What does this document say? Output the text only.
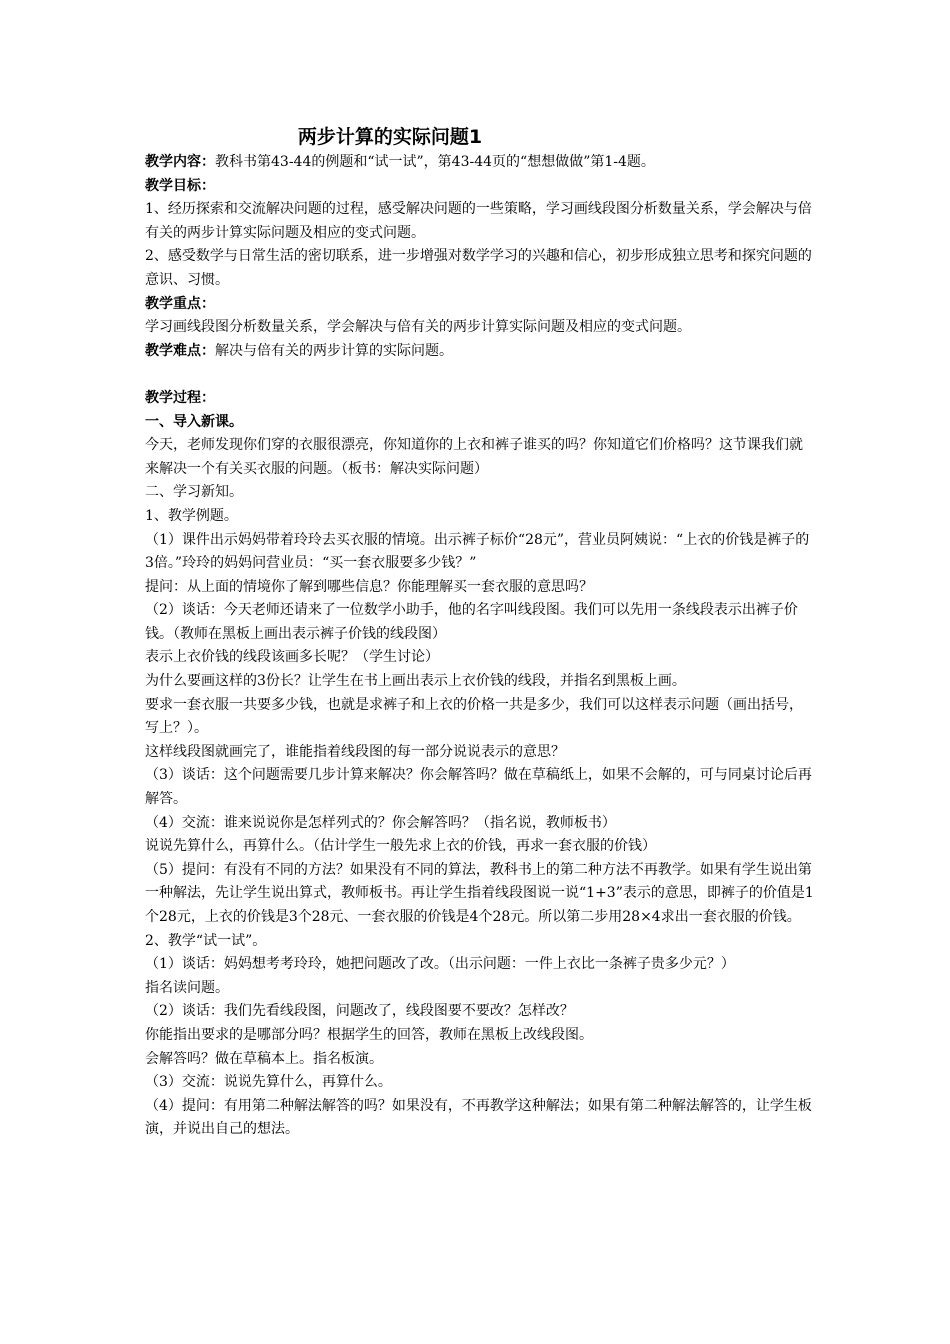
两步计算的实际问题1

教学内容：教科书第43-44的例题和“试一试”，第43-44页的“想想做做”第1-4题。

教学目标：

1、经历探索和交流解决问题的过程，感受解决问题的一些策略，学习画线段图分析数量关系，学会解决与倍有关的两步计算实际问题及相应的变式问题。

2、感受数学与日常生活的密切联系，进一步增强对数学学习的兴趣和信心，初步形成独立思考和探究问题的意识、习惯。

教学重点：

学习画线段图分析数量关系，学会解决与倍有关的两步计算实际问题及相应的变式问题。

教学难点：解决与倍有关的两步计算的实际问题。

教学过程：

一、导入新课。

今天，老师发现你们穿的衣服很漂亮，你知道你的上衣和裤子谁买的吗？你知道它们价格吗？这节课我们就来解决一个有关买衣服的问题。（板书：解决实际问题）

二、学习新知。

1、教学例题。

（1）课件出示妈妈带着玲玲去买衣服的情境。出示裤子标价“28元”，营业员阿姨说：“上衣的价钱是裤子的3倍。”玲玲的妈妈问营业员：“买一套衣服要多少钱？”

提问：从上面的情境你了解到哪些信息？你能理解买一套衣服的意思吗？

（2）谈话：今天老师还请来了一位数学小助手，他的名字叫线段图。我们可以先用一条线段表示出裤子价钱。（教师在黑板上画出表示裤子价钱的线段图）

表示上衣价钱的线段该画多长呢？（学生讨论）

为什么要画这样的3份长？让学生在书上画出表示上衣价钱的线段，并指名到黑板上画。

要求一套衣服一共要多少钱，也就是求裤子和上衣的价格一共是多少，我们可以这样表示问题（画出括号，写上？）。

这样线段图就画完了，谁能指着线段图的每一部分说说表示的意思？

（3）谈话：这个问题需要几步计算来解决？你会解答吗？做在草稿纸上，如果不会解的，可与同桌讨论后再解答。

（4）交流：谁来说说你是怎样列式的？你会解答吗？（指名说，教师板书）

说说先算什么，再算什么。（估计学生一般先求上衣的价钱，再求一套衣服的价钱）

（5）提问：有没有不同的方法？如果没有不同的算法，教科书上的第二种方法不再教学。如果有学生说出第一种解法，先让学生说出算式，教师板书。再让学生指着线段图说一说“1+3”表示的意思，即裤子的价值是1个28元，上衣的价钱是3个28元、一套衣服的价钱是4个28元。所以第二步用28×4求出一套衣服的价钱。

2、教学“试一试”。

（1）谈话：妈妈想考考玲玲，她把问题改了改。（出示问题：一件上衣比一条裤子贵多少元？）

指名读问题。

（2）谈话：我们先看线段图，问题改了，线段图要不要改？怎样改？

你能指出要求的是哪部分吗？根据学生的回答，教师在黑板上改线段图。

会解答吗？做在草稿本上。指名板演。

（3）交流：说说先算什么，再算什么。

（4）提问：有用第二种解法解答的吗？如果没有，不再教学这种解法；如果有第二种解法解答的，让学生板演，并说出自己的想法。
